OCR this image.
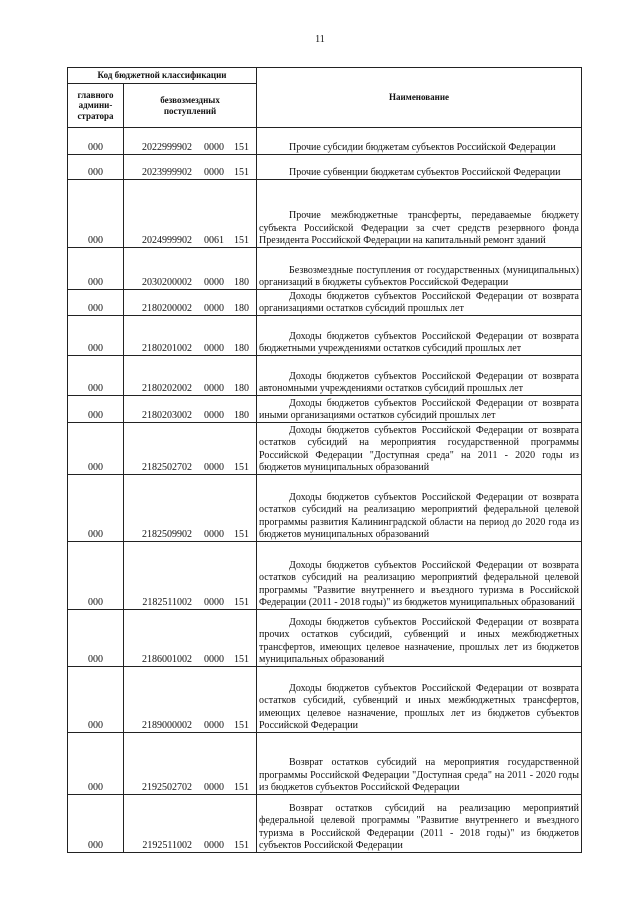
11
Код бюджетной классификации		Наименование
главного админи-стратора	безвозмездных поступлений	
000	2022999902 0000 151	Прочие субсидии бюджетам субъектов Российской Федерации

000	2023999902 0000 151	Прочие субвенции бюджетам субъектов Российской Федерации

000	2024999902 0061 151	Прочие межбюджетные трансферты, передаваемые бюджету субъекта Российской Федерации за счет средств резервного фонда Президента Российской Федерации на капитальный ремонт зданий

000	2030200002 0000 180	Безвозмездные поступления от государственных (муниципальных) организаций в бюджеты субъектов Российской Федерации

000	2180200002 0000 180	Доходы бюджетов субъектов Российской Федерации от возврата организациями остатков субсидий прошлых лет

000	2180201002 0000 180	Доходы бюджетов субъектов Российской Федерации от возврата бюджетными учреждениями остатков субсидий прошлых лет

000	2180202002 0000 180	Доходы бюджетов субъектов Российской Федерации от возврата автономными учреждениями остатков субсидий прошлых лет

000	2180203002 0000 180	Доходы бюджетов субъектов Российской Федерации от возврата иными организациями остатков субсидий прошлых лет

000	2182502702 0000 151	Доходы бюджетов субъектов Российской Федерации от возврата остатков субсидий на мероприятия государственной программы Российской Федерации "Доступная среда" на 2011 - 2020 годы из бюджетов муниципальных образований

000	2182509902 0000 151	Доходы бюджетов субъектов Российской Федерации от возврата остатков субсидий на реализацию мероприятий федеральной целевой программы развития Калининградской области на период до 2020 года из бюджетов муниципальных образований

000	2182511002 0000 151	Доходы бюджетов субъектов Российской Федерации от возврата остатков субсидий на реализацию мероприятий федеральной целевой программы "Развитие внутреннего и въездного туризма в Российской Федерации (2011 - 2018 годы)" из бюджетов муниципальных образований

000	2186001002 0000 151	Доходы бюджетов субъектов Российской Федерации от возврата прочих остатков субсидий, субвенций и иных межбюджетных трансфертов, имеющих целевое назначение, прошлых лет из бюджетов муниципальных образований

000	2189000002 0000 151	Доходы бюджетов субъектов Российской Федерации от возврата остатков субсидий, субвенций и иных межбюджетных трансфертов, имеющих целевое назначение, прошлых лет из бюджетов субъектов Российской Федерации

000	2192502702 0000 151	Возврат остатков субсидий на мероприятия государственной программы Российской Федерации "Доступная среда" на 2011 - 2020 годы из бюджетов субъектов Российской Федерации

000	2192511002 0000 151	Возврат остатков субсидий на реализацию мероприятий федеральной целевой программы "Развитие внутреннего и въездного туризма в Российской Федерации (2011 - 2018 годы)" из бюджетов субъектов Российской Федерации
